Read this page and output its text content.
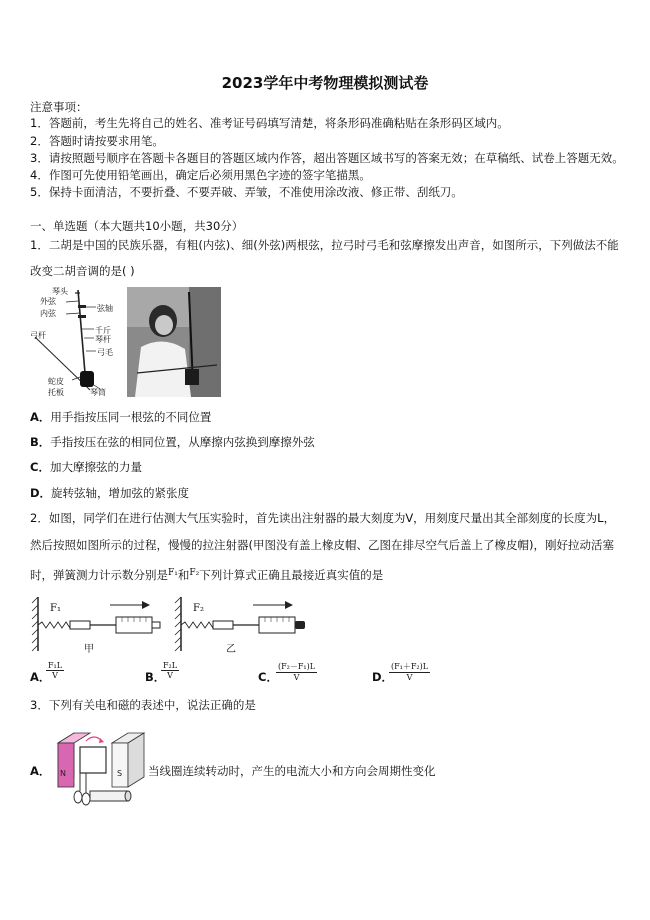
2023学年中考物理模拟测试卷
注意事项：
1．答题前，考生先将自己的姓名、准考证号码填写清楚，将条形码准确粘贴在条形码区域内。
2．答题时请按要求用笔。
3．请按照题号顺序在答题卡各题目的答题区域内作答，超出答题区域书写的答案无效；在草稿纸、试卷上答题无效。
4．作图可先使用铅笔画出，确定后必须用黑色字迹的签字笔描黑。
5．保持卡面清洁，不要折叠、不要弄破、弄皱，不准使用涂改液、修正带、刮纸刀。
一、单选题（本大题共10小题，共30分）
1．二胡是中国的民族乐器，有粗(内弦)、细(外弦)两根弦，拉弓时弓毛和弦摩擦发出声音，如图所示，下列做法不能
改变二胡音调的是( )
琴头
外弦
内弦
弦轴
弓杆
千斤
琴杆
弓毛
蛇皮
托板	琴筒
A．用手指按压同一根弦的不同位置
B．手指按压在弦的相同位置，从摩擦内弦换到摩擦外弦
C．加大摩擦弦的力量
D．旋转弦轴，增加弦的紧张度
2．如图，同学们在进行估测大气压实验时，首先读出注射器的最大刻度为V，用刻度尺量出其全部刻度的长度为L，
然后按照如图所示的过程，慢慢的拉注射器(甲图没有盖上橡皮帽、乙图在排尽空气后盖上了橡皮帽)，刚好拉动活塞
时，弹簧测力计示数分别是$^{F_1}$和$^{F_2}$下列计算式正确且最接近真实值的是
F₁
甲
F₂
乙
A．
$\frac{\text{F₁L}}{V}$	B．
$\frac{\text{F₂L}}{V}$	C．
$\frac{\text{(F₂－F₁)L}}{V}$	D．
$\frac{\text{(F₁＋F₂)L}}{V}$
3．下列有关电和磁的表述中，说法正确的是
N	S
A．	当线圈连续转动时，产生的电流大小和方向会周期性变化
